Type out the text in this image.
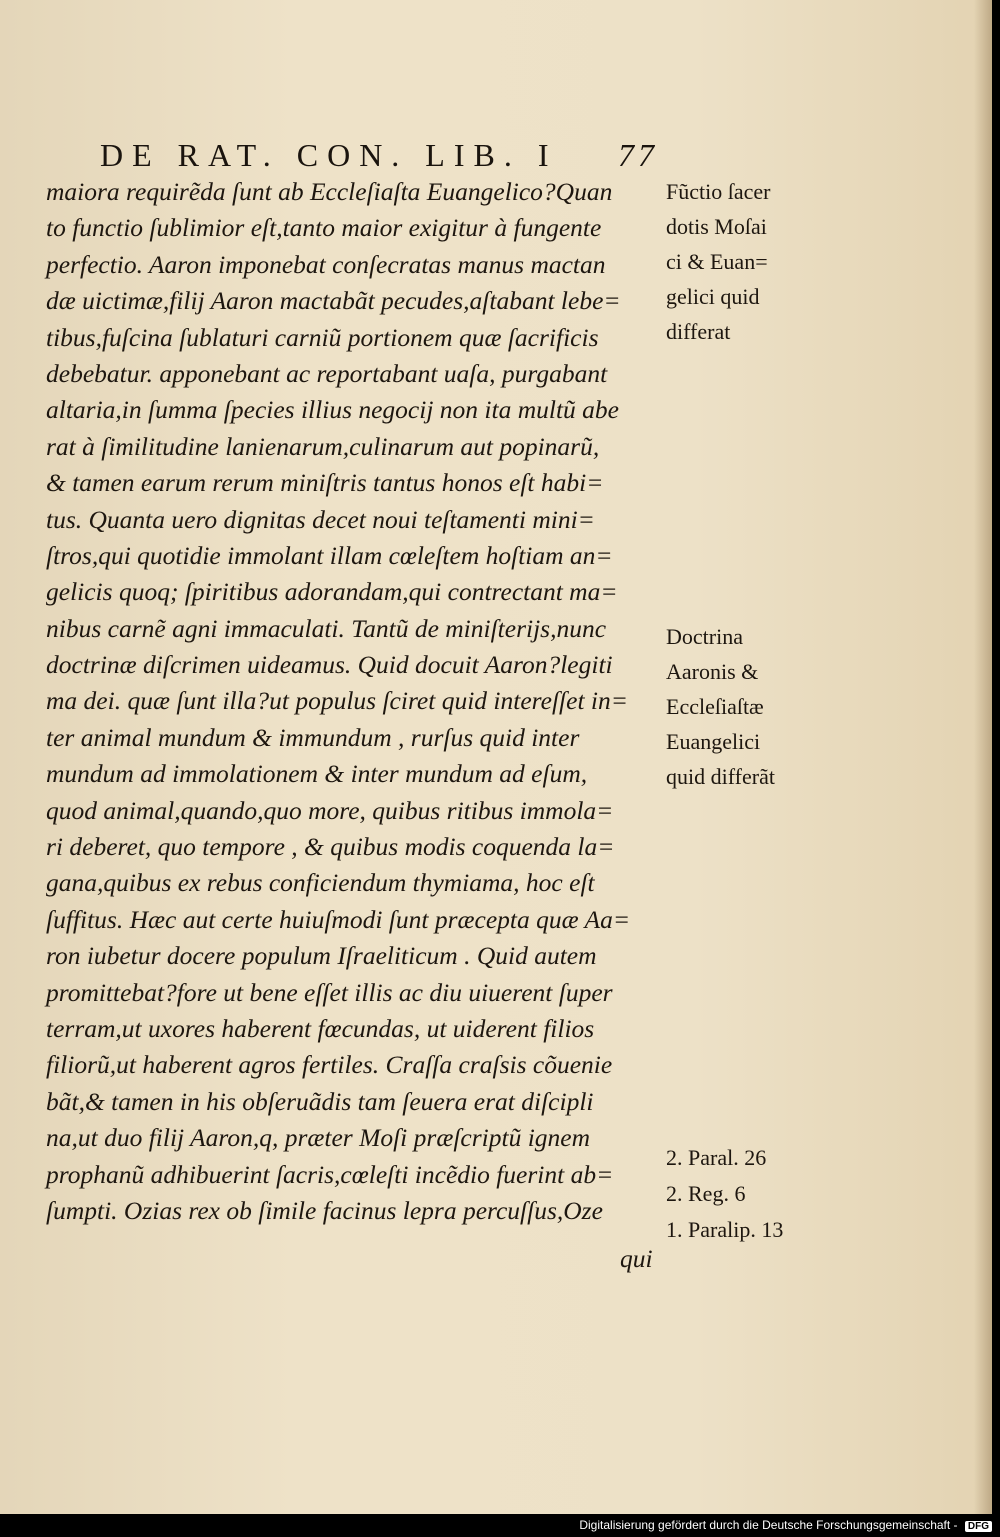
DE RAT. CON. LIB. I 77
maiora requirẽda ſunt ab Eccleſiaſta Euangelico?Quan
to functio ſublimior eſt,tanto maior exigitur à fungente
perfectio. Aaron imponebat conſecratas manus mactan
dæ uictimæ,filij Aaron mactabãt pecudes,aſtabant lebe=
tibus,fuſcina ſublaturi carniũ portionem quæ ſacrificis
debebatur. apponebant ac reportabant uaſa, purgabant
altaria,in ſumma ſpecies illius negocij non ita multũ abe
rat à ſimilitudine lanienarum,culinarum aut popinarũ,
& tamen earum rerum miniſtris tantus honos eſt habi=
tus. Quanta uero dignitas decet noui teſtamenti mini=
ſtros,qui quotidie immolant illam cœleſtem hoſtiam an=
gelicis quoq; ſpiritibus adorandam,qui contrectant ma=
nibus carnẽ agni immaculati. Tantũ de miniſterijs,nunc
doctrinæ diſcrimen uideamus. Quid docuit Aaron?legiti
ma dei. quæ ſunt illa?ut populus ſciret quid intereſſet in=
ter animal mundum & immundum , rurſus quid inter
mundum ad immolationem & inter mundum ad eſum,
quod animal,quando,quo more, quibus ritibus immola=
ri deberet, quo tempore , & quibus modis coquenda la=
gana,quibus ex rebus conficiendum thymiama, hoc eſt
ſuffitus. Hæc aut certe huiuſmodi ſunt præcepta quæ Aa=
ron iubetur docere populum Iſraeliticum . Quid autem
promittebat?fore ut bene eſſet illis ac diu uiuerent ſuper
terram,ut uxores haberent fœcundas, ut uiderent filios
filiorũ,ut haberent agros fertiles. Craſſa craſsis cõuenie
bãt,& tamen in his obſeruãdis tam ſeuera erat diſcipli
na,ut duo filij Aaron,q, præter Moſi præſcriptũ ignem
prophanũ adhibuerint ſacris,cœleſti incẽdio fuerint ab=
ſumpti. Ozias rex ob ſimile facinus lepra percuſſus,Oze
Fũctio ſacer
dotis Moſai
ci & Euan=
gelici quid
differat
Doctrina
Aaronis &
Eccleſiaſtæ
Euangelici
quid differãt
2. Paral. 26
2. Reg. 6
1. Paralip. 13
qui
Digitalisierung gefördert durch die Deutsche Forschungsgemeinschaft - DFG
